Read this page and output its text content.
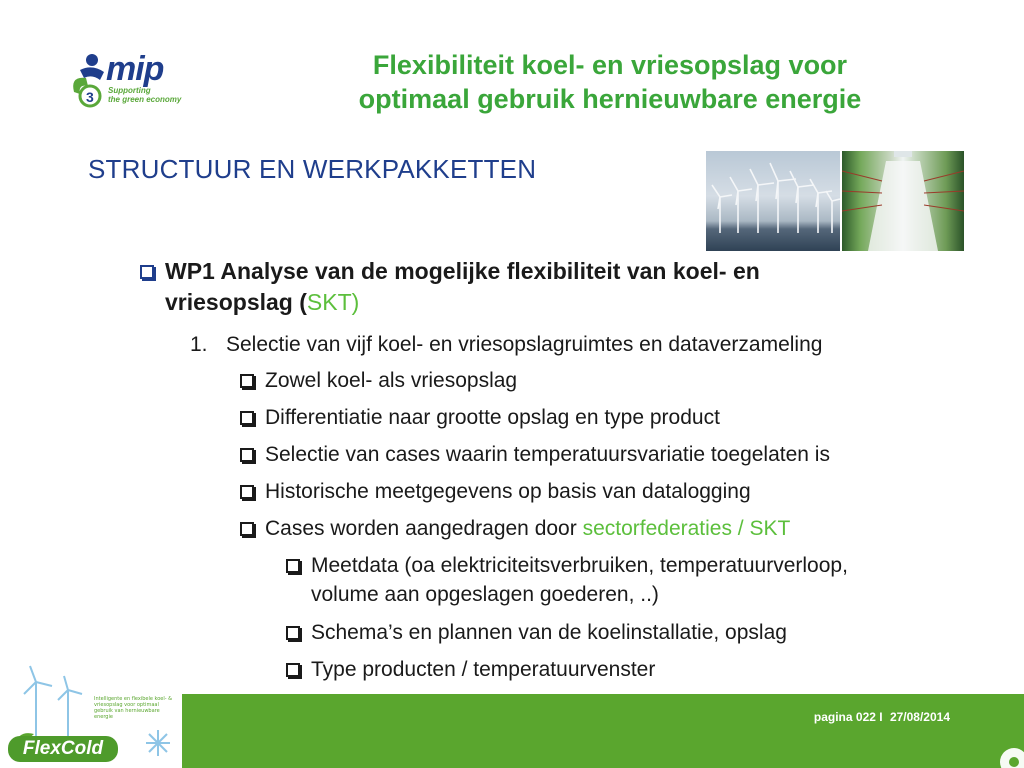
3
mip
Supporting
the green economy
Flexibiliteit koel- en vriesopslag voor
optimaal gebruik hernieuwbare energie
STRUCTUUR EN WERKPAKKETTEN
WP1 Analyse van de mogelijke flexibiliteit van koel- en
vriesopslag (SKT)
1. Selectie van vijf koel- en vriesopslagruimtes en dataverzameling
Zowel koel- als vriesopslag
Differentiatie naar grootte opslag en type product
Selectie van cases waarin temperatuursvariatie toegelaten is
Historische meetgegevens op basis van datalogging
Cases worden aangedragen door sectorfederaties / SKT
Meetdata (oa elektriciteitsverbruiken, temperatuurverloop,
volume aan opgeslagen goederen, ..)
Schema’s en plannen van de koelinstallatie, opslag
Type producten / temperatuurvenster
pagina 022 I 27/08/2014
Intelligente en flexibele koel- & vriesopslag voor optimaal gebruik van hernieuwbare energie
FlexCold
